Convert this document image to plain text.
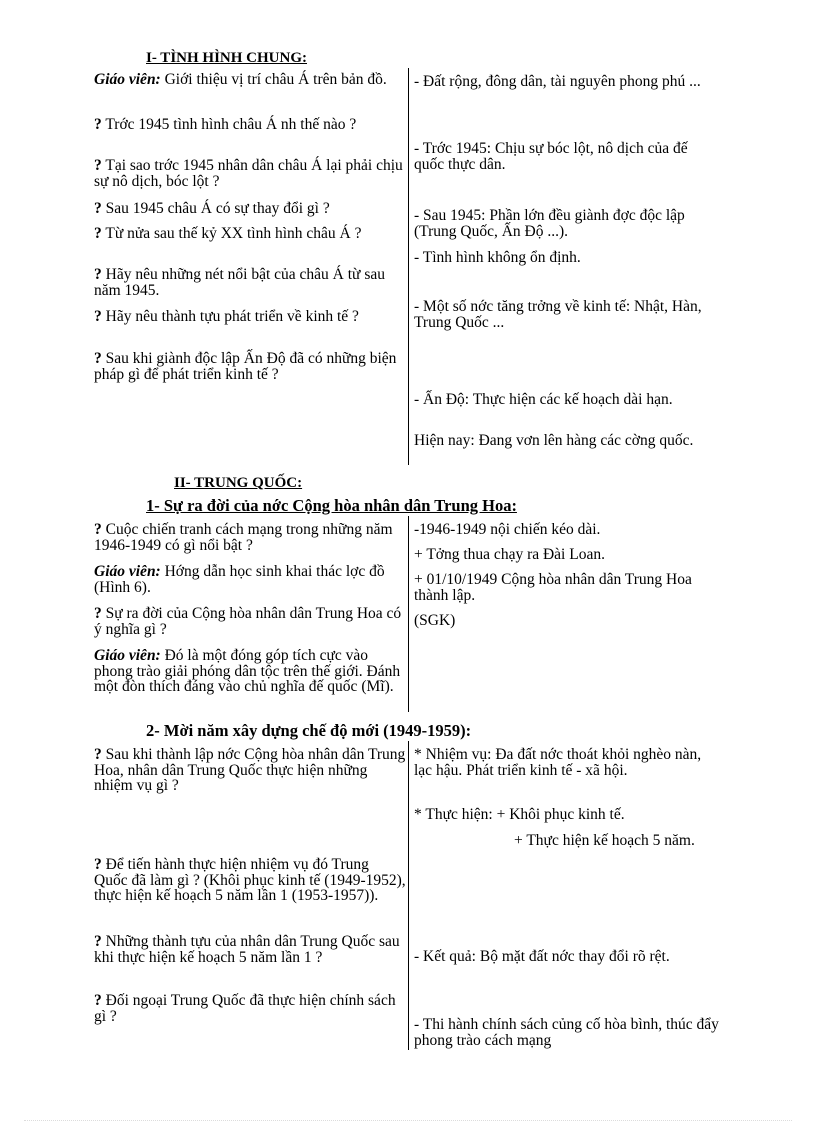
I- TÌNH HÌNH CHUNG:
Giáo viên: Giới thiệu vị trí châu Á trên bản đồ.
? Trớc 1945 tình hình châu Á nh thế nào ?
? Tại sao trớc 1945 nhân dân châu Á lại phải chịu sự nô dịch, bóc lột ?
? Sau 1945 châu Á có sự thay đổi gì ?
? Từ nửa sau thế kỷ XX tình hình châu Á ?
? Hãy nêu những nét nổi bật của châu Á từ sau năm 1945.
? Hãy nêu thành tựu phát triển về kinh tế ?
? Sau khi giành độc lập Ấn Độ đã có những biện pháp gì để phát triển kinh tế ?
- Đất rộng, đông dân, tài nguyên phong phú ...
- Trớc 1945: Chịu sự bóc lột, nô dịch của đế quốc thực dân.
- Sau 1945: Phần lớn đều giành đợc độc lập (Trung Quốc, Ấn Độ ...).
- Tình hình không ổn định.
- Một số nớc tăng trởng về kinh tế: Nhật, Hàn, Trung Quốc ...
- Ấn Độ: Thực hiện các kế hoạch dài hạn.
Hiện nay: Đang vơn lên hàng các cờng quốc.
II- TRUNG QUỐC:
1- Sự ra đời của nớc Cộng hòa nhân dân Trung Hoa:
? Cuộc chiến tranh cách mạng trong những năm 1946-1949 có gì nổi bật ?
Giáo viên: Hớng dẫn học sinh khai thác lợc đồ (Hình 6).
? Sự ra đời của Cộng hòa nhân dân Trung Hoa có ý nghĩa gì ?
Giáo viên: Đó là một đóng góp tích cực vào phong trào giải phóng dân tộc trên thế giới. Đánh một đòn thích đáng vào chủ nghĩa đế quốc (Mĩ).
-1946-1949 nội chiến kéo dài.
+ Tởng thua chạy ra Đài Loan.
+ 01/10/1949 Cộng hòa nhân dân Trung Hoa thành lập.
(SGK)
2- Mời năm xây dựng chế độ mới (1949-1959):
? Sau khi thành lập nớc Cộng hòa nhân dân Trung Hoa, nhân dân Trung Quốc thực hiện những nhiệm vụ gì ?
? Để tiến hành thực hiện nhiệm vụ đó Trung Quốc đã làm gì ? (Khôi phục kinh tế (1949-1952), thực hiện kế hoạch 5 năm lần 1 (1953-1957)).
? Những thành tựu của nhân dân Trung Quốc sau khi thực hiện kế hoạch 5 năm lần 1 ?
? Đối ngoại Trung Quốc đã thực hiện chính sách gì ?
* Nhiệm vụ: Đa đất nớc thoát khỏi nghèo nàn, lạc hậu. Phát triển kinh tế - xã hội.
* Thực hiện: + Khôi phục kinh tế.
+ Thực hiện kế hoạch 5 năm.
- Kết quả: Bộ mặt đất nớc thay đổi rõ rệt.
- Thi hành chính sách củng cố hòa bình, thúc đẩy phong trào cách mạng
